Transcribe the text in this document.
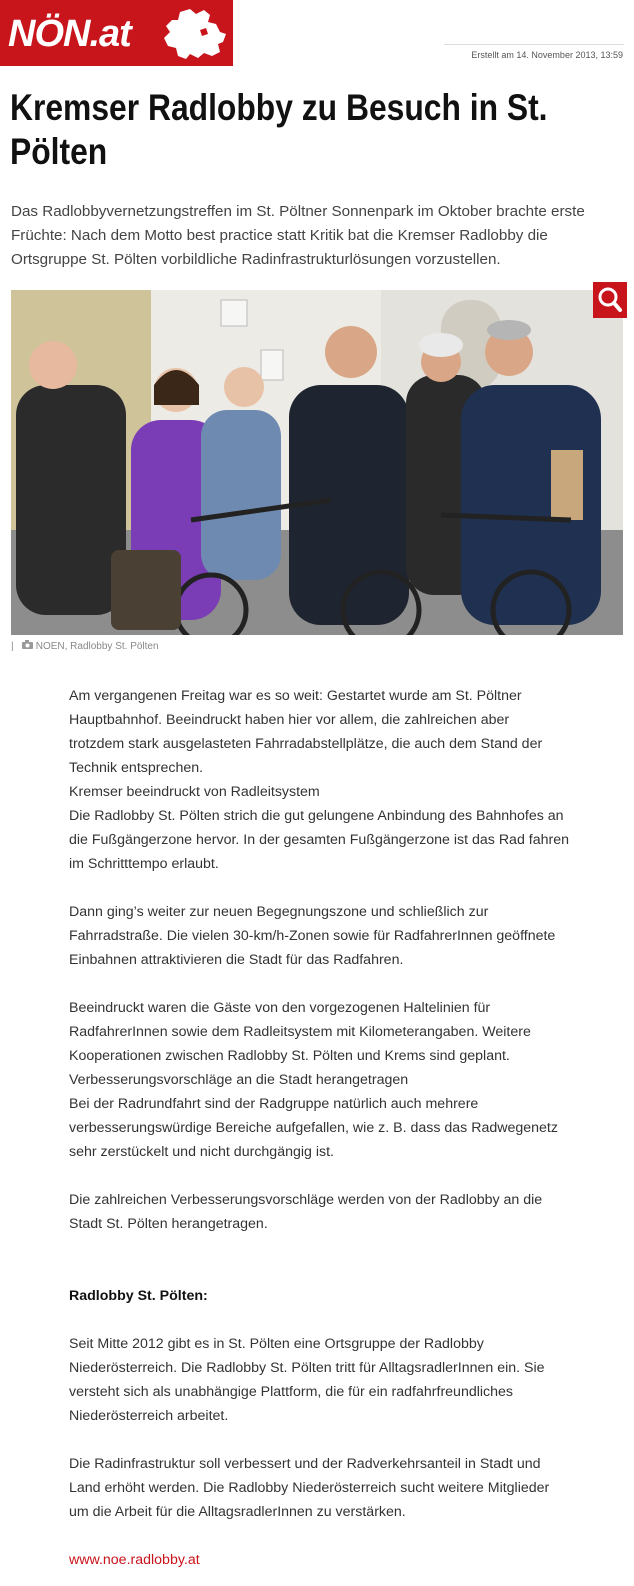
NÖN.at	Erstellt am 14. November 2013, 13:59
Kremser Radlobby zu Besuch in St. Pölten

Das Radlobbyvernetzungstreffen im St. Pöltner Sonnenpark im Oktober brachte erste Früchte: Nach dem Motto best practice statt Kritik bat die Kremser Radlobby die Ortsgruppe St. Pölten vorbildliche Radinfrastrukturlösungen vorzustellen.

|    NOEN, Radlobby St. Pölten

Am vergangenen Freitag war es so weit: Gestartet wurde am St. Pöltner

Hauptbahnhof. Beeindruckt haben hier vor allem, die zahlreichen aber

trotzdem stark ausgelasteten Fahrradabstellplätze, die auch dem Stand der

Technik entsprechen.

Kremser beeindruckt von Radleitsystem

Die Radlobby St. Pölten strich die gut gelungene Anbindung des Bahnhofes an

die Fußgängerzone hervor. In der gesamten Fußgängerzone ist das Rad fahren

im Schritttempo erlaubt.

Dann ging’s weiter zur neuen Begegnungszone und schließlich zur

Fahrradstraße. Die vielen 30-km/h-Zonen sowie für RadfahrerInnen geöffnete

Einbahnen attraktivieren die Stadt für das Radfahren.

Beeindruckt waren die Gäste von den vorgezogenen Haltelinien für

RadfahrerInnen sowie dem Radleitsystem mit Kilometerangaben. Weitere

Kooperationen zwischen Radlobby St. Pölten und Krems sind geplant.

Verbesserungsvorschläge an die Stadt herangetragen

Bei der Radrundfahrt sind der Radgruppe natürlich auch mehrere

verbesserungswürdige Bereiche aufgefallen, wie z. B. dass das Radwegenetz

sehr zerstückelt und nicht durchgängig ist.

Die zahlreichen Verbesserungsvorschläge werden von der Radlobby an die

Stadt St. Pölten herangetragen.

Radlobby St. Pölten:

Seit Mitte 2012 gibt es in St. Pölten eine Ortsgruppe der Radlobby

Niederösterreich. Die Radlobby St. Pölten tritt für AlltagsradlerInnen ein. Sie

versteht sich als unabhängige Plattform, die für ein radfahrfreundliches

Niederösterreich arbeitet.

Die Radinfrastruktur soll verbessert und der Radverkehrsanteil in Stadt und

Land erhöht werden. Die Radlobby Niederösterreich sucht weitere Mitglieder

um die Arbeit für die AlltagsradlerInnen zu verstärken.

www.noe.radlobby.at
